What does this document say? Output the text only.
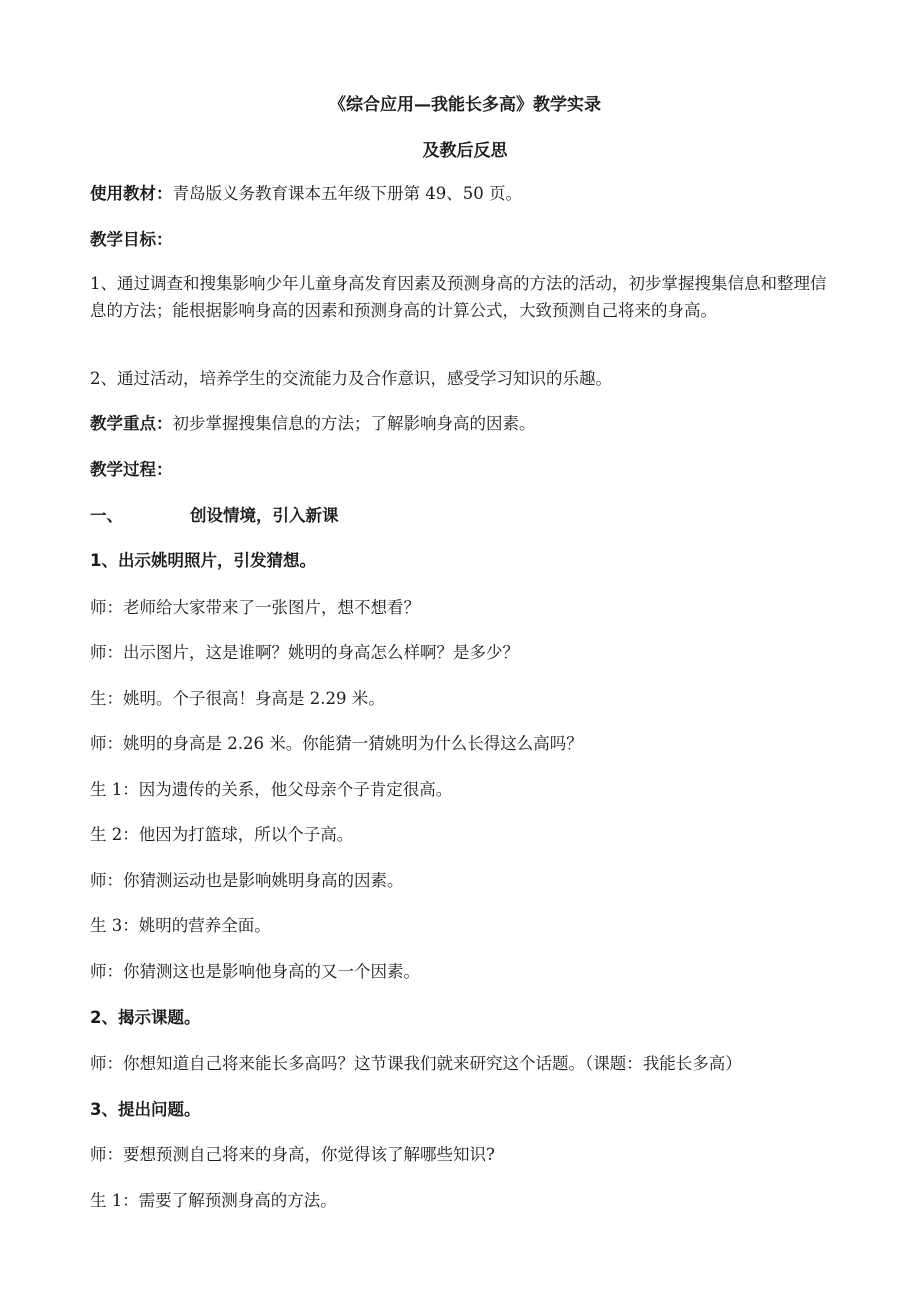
《综合应用—我能长多高》教学实录
及教后反思

使用教材：青岛版义务教育课本五年级下册第 49、50 页。

教学目标：

1、通过调查和搜集影响少年儿童身高发育因素及预测身高的方法的活动，初步掌握搜集信息和整理信息的方法；能根据影响身高的因素和预测身高的计算公式，大致预测自己将来的身高。

2、通过活动，培养学生的交流能力及合作意识，感受学习知识的乐趣。

教学重点：初步掌握搜集信息的方法；了解影响身高的因素。

教学过程：

一、	创设情境，引入新课

1、出示姚明照片，引发猜想。

师：老师给大家带来了一张图片，想不想看？

师：出示图片，这是谁啊？姚明的身高怎么样啊？是多少？

生：姚明。个子很高！身高是 2.29 米。

师：姚明的身高是 2.26 米。你能猜一猜姚明为什么长得这么高吗？

生 1：因为遗传的关系，他父母亲个子肯定很高。

生 2：他因为打篮球，所以个子高。

师：你猜测运动也是影响姚明身高的因素。

生 3：姚明的营养全面。

师：你猜测这也是影响他身高的又一个因素。

2、揭示课题。

师：你想知道自己将来能长多高吗？这节课我们就来研究这个话题。（课题：我能长多高）

3、提出问题。

师：要想预测自己将来的身高，你觉得该了解哪些知识?

生 1：需要了解预测身高的方法。
